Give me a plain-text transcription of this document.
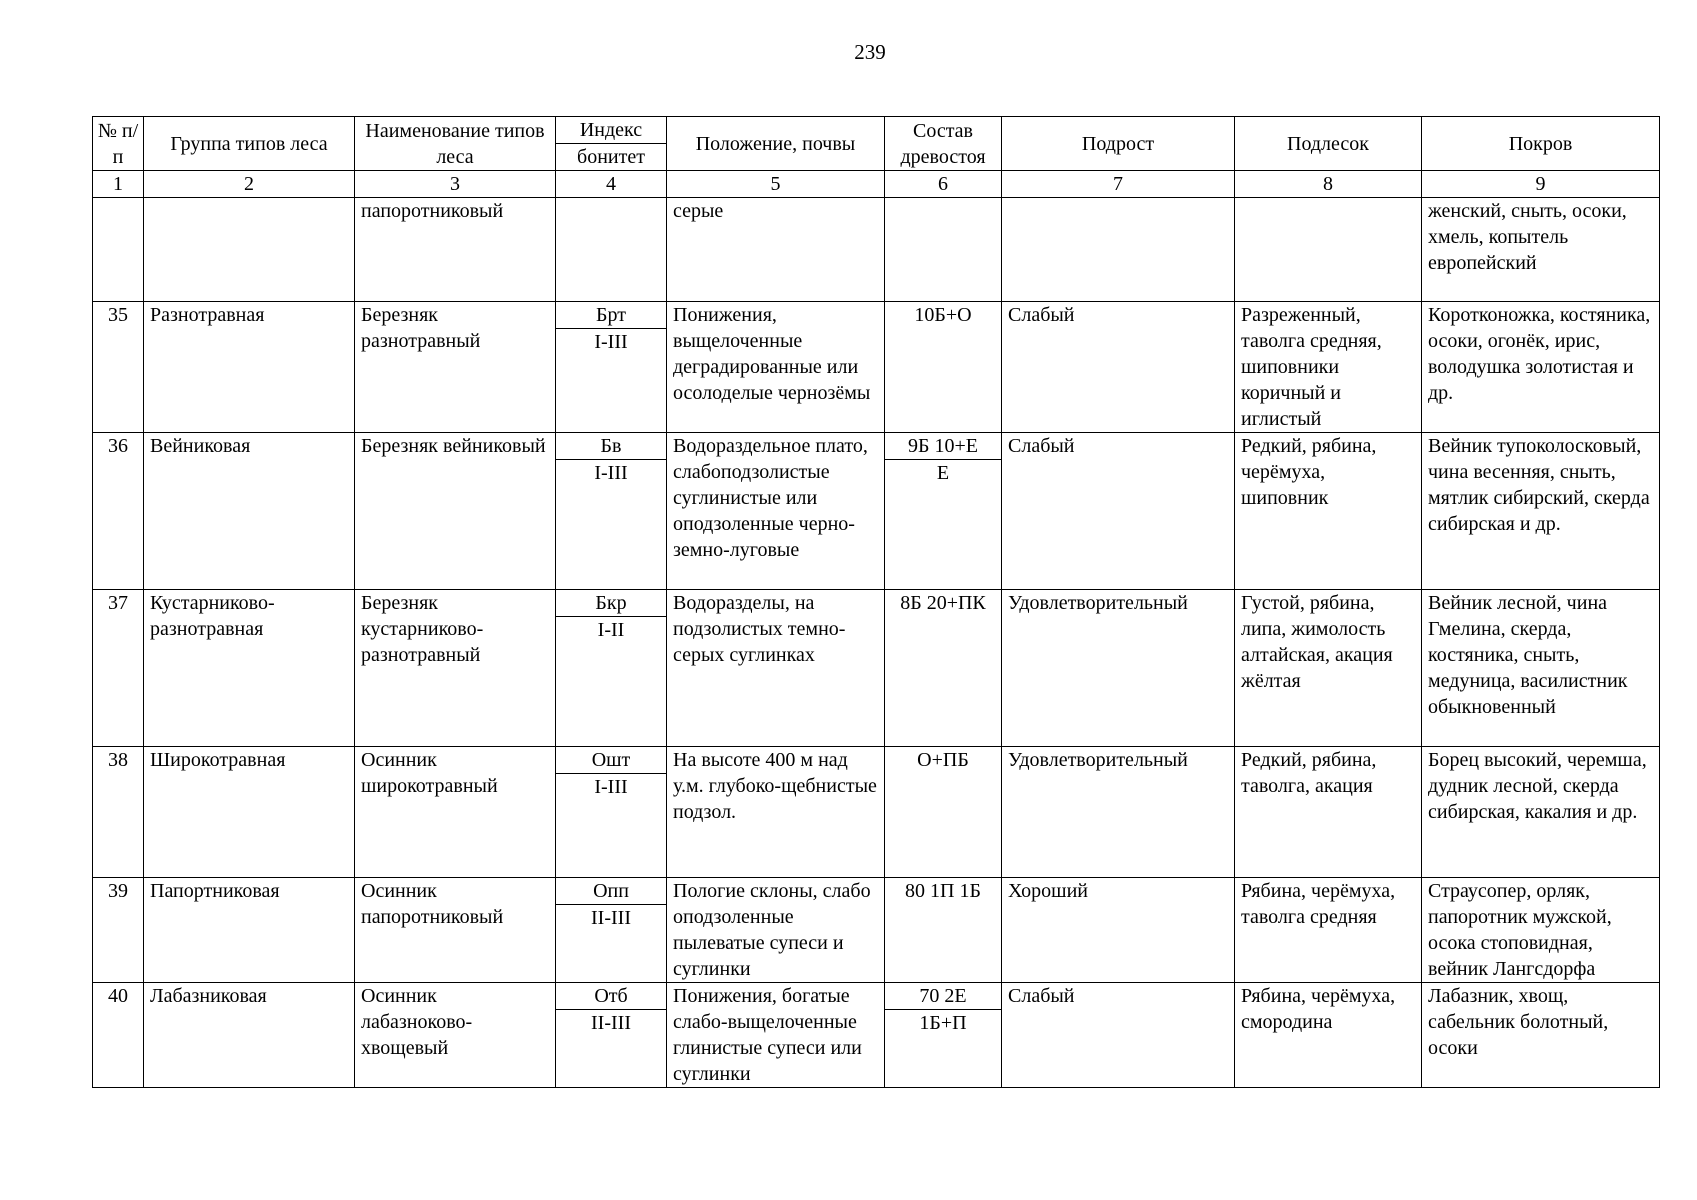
239
№ п/п	Группа типов леса	Наименование типов леса	Индекс	Положение, почвы	Состав древостоя	Подрост	Подлесок	Покров
			бонитет					
1	2	3	4	5	6	7	8	9
		папоротниковый		серые				женский, сныть, осоки, хмель, копытель европейский
35	Разнотравная	Березняк разнотравный	Брт	Понижения, выщелоченные деградированные или осолоделые чернозёмы	10Б+О	Слабый	Разреженный, таволга средняя, шиповники коричный и иглистый	Коротконожка, костяника, осоки, огонёк, ирис, володушка золотистая и др.
			I-III					
36	Вейниковая	Березняк вейниковый	Бв	Водораздельное плато, слабоподзолистые суглинистые или оподзоленные черно-земно-луговые	9Б 10+Е	Слабый	Редкий, рябина, черёмуха, шиповник	Вейник тупоколосковый, чина весенняя, сныть, мятлик сибирский, скерда сибирская и др.
			I-III		Е			
37	Кустарниково-разнотравная	Березняк кустарниково-разнотравный	Бкр	Водоразделы, на подзолистых темно-серых суглинках	8Б 20+ПК	Удовлетворительный	Густой, рябина, липа, жимолость алтайская, акация жёлтая	Вейник лесной, чина Гмелина, скерда, костяника, сныть, медуница, василистник обыкновенный
			I-II					
38	Широкотравная	Осинник широкотравный	Ошт	На высоте 400 м над у.м. глубоко-щебнистые подзол.	О+ПБ	Удовлетворительный	Редкий, рябина, таволга, акация	Борец высокий, черемша, дудник лесной, скерда сибирская, какалия и др.
			I-III					
39	Папортниковая	Осинник папоротниковый	Опп	Пологие склоны, слабо оподзоленные пылеватые супеси и суглинки	80 1П 1Б	Хороший	Рябина, черёмуха, таволга средняя	Страусопер, орляк, папоротник мужской, осока стоповидная, вейник Лангсдорфа
			II-III					
40	Лабазниковая	Осинник лабазноково-хвощевый	Отб	Понижения, богатые слабо-выщелоченные глинистые супеси или суглинки	70 2Е	Слабый	Рябина, черёмуха, смородина	Лабазник, хвощ, сабельник болотный, осоки
			II-III		1Б+П			
